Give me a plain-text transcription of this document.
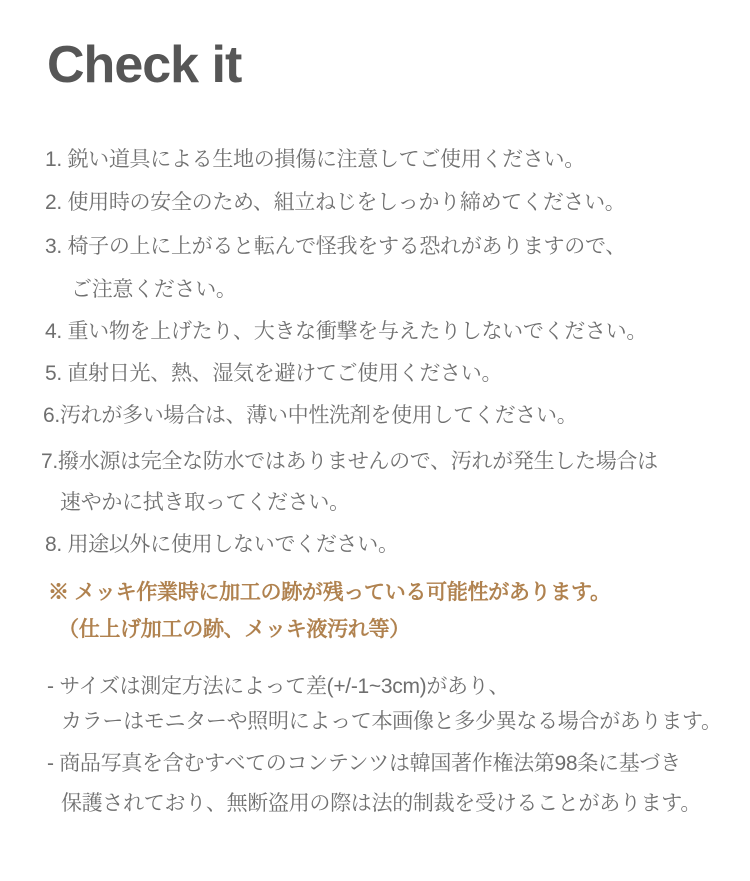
Check it

1. 鋭い道具による生地の損傷に注意してご使用ください。

2. 使用時の安全のため、組立ねじをしっかり締めてください。

3. 椅子の上に上がると転んで怪我をする恐れがありますので、

ご注意ください。

4. 重い物を上げたり、大きな衝撃を与えたりしないでください。

5. 直射日光、熱、湿気を避けてご使用ください。

6.汚れが多い場合は、薄い中性洗剤を使用してください。

7.撥水源は完全な防水ではありませんので、汚れが発生した場合は

速やかに拭き取ってください。

8. 用途以外に使用しないでください。

※ メッキ作業時に加工の跡が残っている可能性があります。

（仕上げ加工の跡、メッキ液汚れ等）

- サイズは測定方法によって差(+/-1~3cm)があり、

カラーはモニターや照明によって本画像と多少異なる場合があります。

- 商品写真を含むすべてのコンテンツは韓国著作権法第98条に基づき

保護されており、無断盗用の際は法的制裁を受けることがあります。
